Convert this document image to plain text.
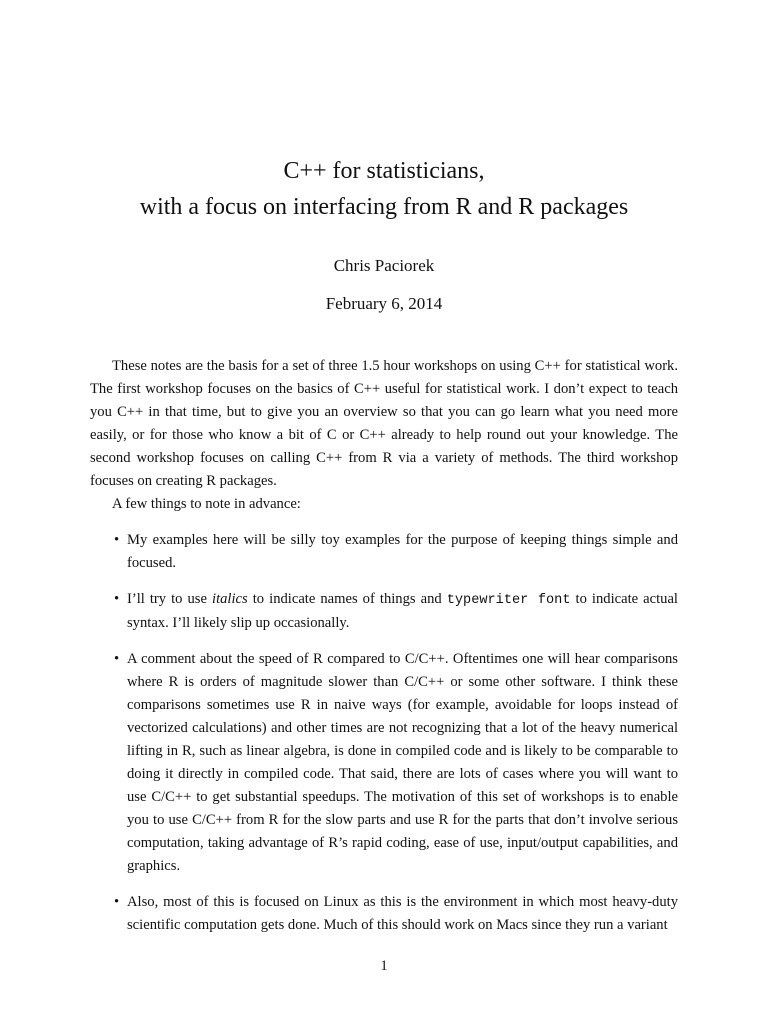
C++ for statisticians,
with a focus on interfacing from R and R packages
Chris Paciorek
February 6, 2014

These notes are the basis for a set of three 1.5 hour workshops on using C++ for statistical work. The first workshop focuses on the basics of C++ useful for statistical work. I don’t expect to teach you C++ in that time, but to give you an overview so that you can go learn what you need more easily, or for those who know a bit of C or C++ already to help round out your knowledge. The second workshop focuses on calling C++ from R via a variety of methods. The third workshop focuses on creating R packages.

A few things to note in advance:

• My examples here will be silly toy examples for the purpose of keeping things simple and focused.
• I’ll try to use italics to indicate names of things and typewriter font to indicate actual syntax. I’ll likely slip up occasionally.
• A comment about the speed of R compared to C/C++. Oftentimes one will hear comparisons where R is orders of magnitude slower than C/C++ or some other software. I think these comparisons sometimes use R in naive ways (for example, avoidable for loops instead of vectorized calculations) and other times are not recognizing that a lot of the heavy numerical lifting in R, such as linear algebra, is done in compiled code and is likely to be comparable to doing it directly in compiled code. That said, there are lots of cases where you will want to use C/C++ to get substantial speedups. The motivation of this set of workshops is to enable you to use C/C++ from R for the slow parts and use R for the parts that don’t involve serious computation, taking advantage of R’s rapid coding, ease of use, input/output capabilities, and graphics.
• Also, most of this is focused on Linux as this is the environment in which most heavy-duty scientific computation gets done. Much of this should work on Macs since they run a variant
1
